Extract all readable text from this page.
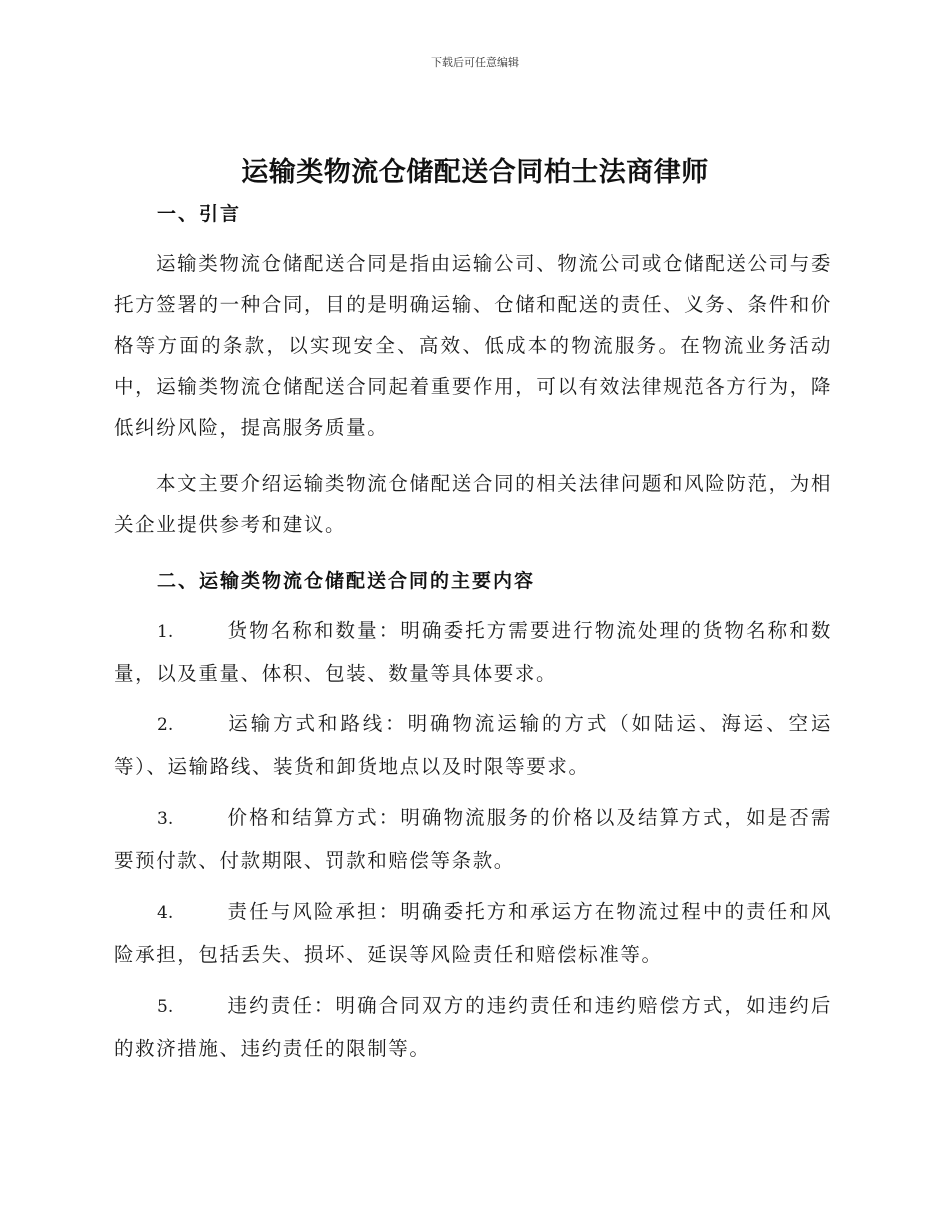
下载后可任意编辑
运输类物流仓储配送合同柏士法商律师
一、引言

运输类物流仓储配送合同是指由运输公司、物流公司或仓储配送公司与委托方签署的一种合同，目的是明确运输、仓储和配送的责任、义务、条件和价格等方面的条款，以实现安全、高效、低成本的物流服务。在物流业务活动中，运输类物流仓储配送合同起着重要作用，可以有效法律规范各方行为，降低纠纷风险，提高服务质量。

本文主要介绍运输类物流仓储配送合同的相关法律问题和风险防范，为相关企业提供参考和建议。

二、运输类物流仓储配送合同的主要内容
1.	货物名称和数量：明确委托方需要进行物流处理的货物名称和数量，以及重量、体积、包装、数量等具体要求。
2.	运输方式和路线：明确物流运输的方式（如陆运、海运、空运等）、运输路线、装货和卸货地点以及时限等要求。
3.	价格和结算方式：明确物流服务的价格以及结算方式，如是否需要预付款、付款期限、罚款和赔偿等条款。
4.	责任与风险承担：明确委托方和承运方在物流过程中的责任和风险承担，包括丢失、损坏、延误等风险责任和赔偿标准等。
5.	违约责任：明确合同双方的违约责任和违约赔偿方式，如违约后的救济措施、违约责任的限制等。
